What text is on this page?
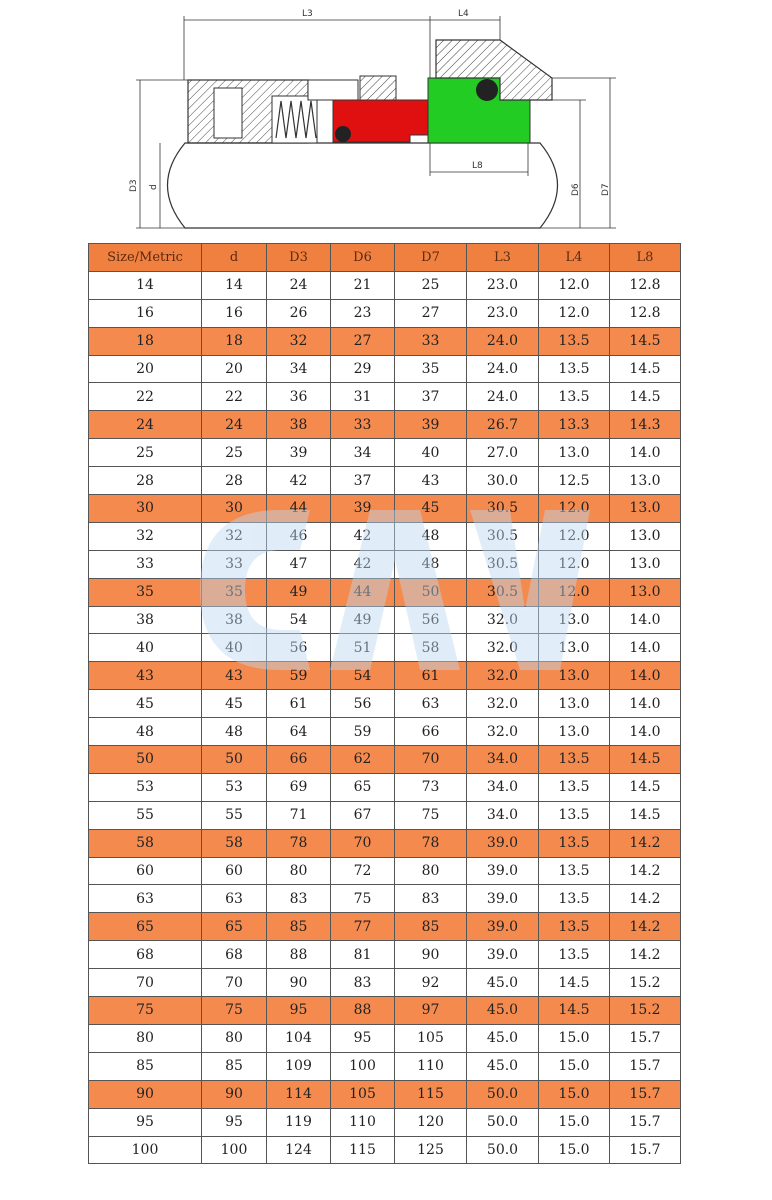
L3	L4
L8
D3 d	D6 D7
Size/Metric	d	D3	D6	D7	L3	L4	L8
14	14	24	21	25	23.0	12.0	12.8
16	16	26	23	27	23.0	12.0	12.8
18	18	32	27	33	24.0	13.5	14.5
20	20	34	29	35	24.0	13.5	14.5
22	22	36	31	37	24.0	13.5	14.5
24	24	38	33	39	26.7	13.3	14.3
25	25	39	34	40	27.0	13.0	14.0
28	28	42	37	43	30.0	12.5	13.0
30	30	44	39	45	30.5	12.0	13.0
32	32	46	42	48	30.5	12.0	13.0
33	33	47	42	48	30.5	12.0	13.0
35	35	49	44	50	30.5	12.0	13.0
38	38	54	49	56	32.0	13.0	14.0
40	40	56	51	58	32.0	13.0	14.0
43	43	59	54	61	32.0	13.0	14.0
45	45	61	56	63	32.0	13.0	14.0
48	48	64	59	66	32.0	13.0	14.0
50	50	66	62	70	34.0	13.5	14.5
53	53	69	65	73	34.0	13.5	14.5
55	55	71	67	75	34.0	13.5	14.5
58	58	78	70	78	39.0	13.5	14.2
60	60	80	72	80	39.0	13.5	14.2
63	63	83	75	83	39.0	13.5	14.2
65	65	85	77	85	39.0	13.5	14.2
68	68	88	81	90	39.0	13.5	14.2
70	70	90	83	92	45.0	14.5	15.2
75	75	95	88	97	45.0	14.5	15.2
80	80	104	95	105	45.0	15.0	15.7
85	85	109	100	110	45.0	15.0	15.7
90	90	114	105	115	50.0	15.0	15.7
95	95	119	110	120	50.0	15.0	15.7
100	100	124	115	125	50.0	15.0	15.7
